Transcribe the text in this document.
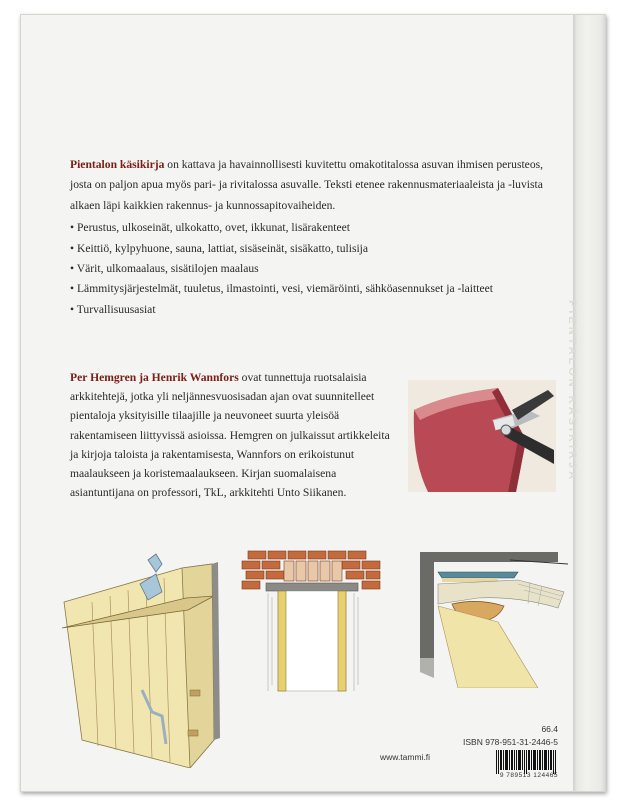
PIENTALON KÄSIKIRJA

Pientalon käsikirja on kattava ja havainnollisesti kuvitettu omakotitalossa asuvan ihmisen perusteos, josta on paljon apua myös pari- ja rivitalossa asuvalle. Teksti etenee rakennusmateriaaleista ja -luvista alkaen läpi kaikkien rakennus- ja kunnossapitovaiheiden.

• Perustus, ulkoseinät, ulkokatto, ovet, ikkunat, lisärakenteet
• Keittiö, kylpyhuone, sauna, lattiat, sisäseinät, sisäkatto, tulisija
• Värit, ulkomaalaus, sisätilojen maalaus
• Lämmitysjärjestelmät, tuuletus, ilmastointi, vesi, viemäröinti, sähköasennukset ja -laitteet
• Turvallisuusasiat

Per Hemgren ja Henrik Wannfors ovat tunnettuja ruotsalaisia arkkitehtejä, jotka yli neljännesvuosisadan ajan ovat suunnitelleet pientaloja yksityisille tilaajille ja neuvoneet suurta yleisöä rakentamiseen liittyvissä asioissa. Hemgren on julkaissut artikkeleita ja kirjoja taloista ja rakentamisesta, Wannfors on erikoistunut maalaukseen ja koristemaalaukseen. Kirjan suomalaisena asiantuntijana on professori, TkL, arkkitehti Unto Siikanen.

66.4
ISBN 978-951-31-2446-5
www.tammi.fi
9 789513 124465
